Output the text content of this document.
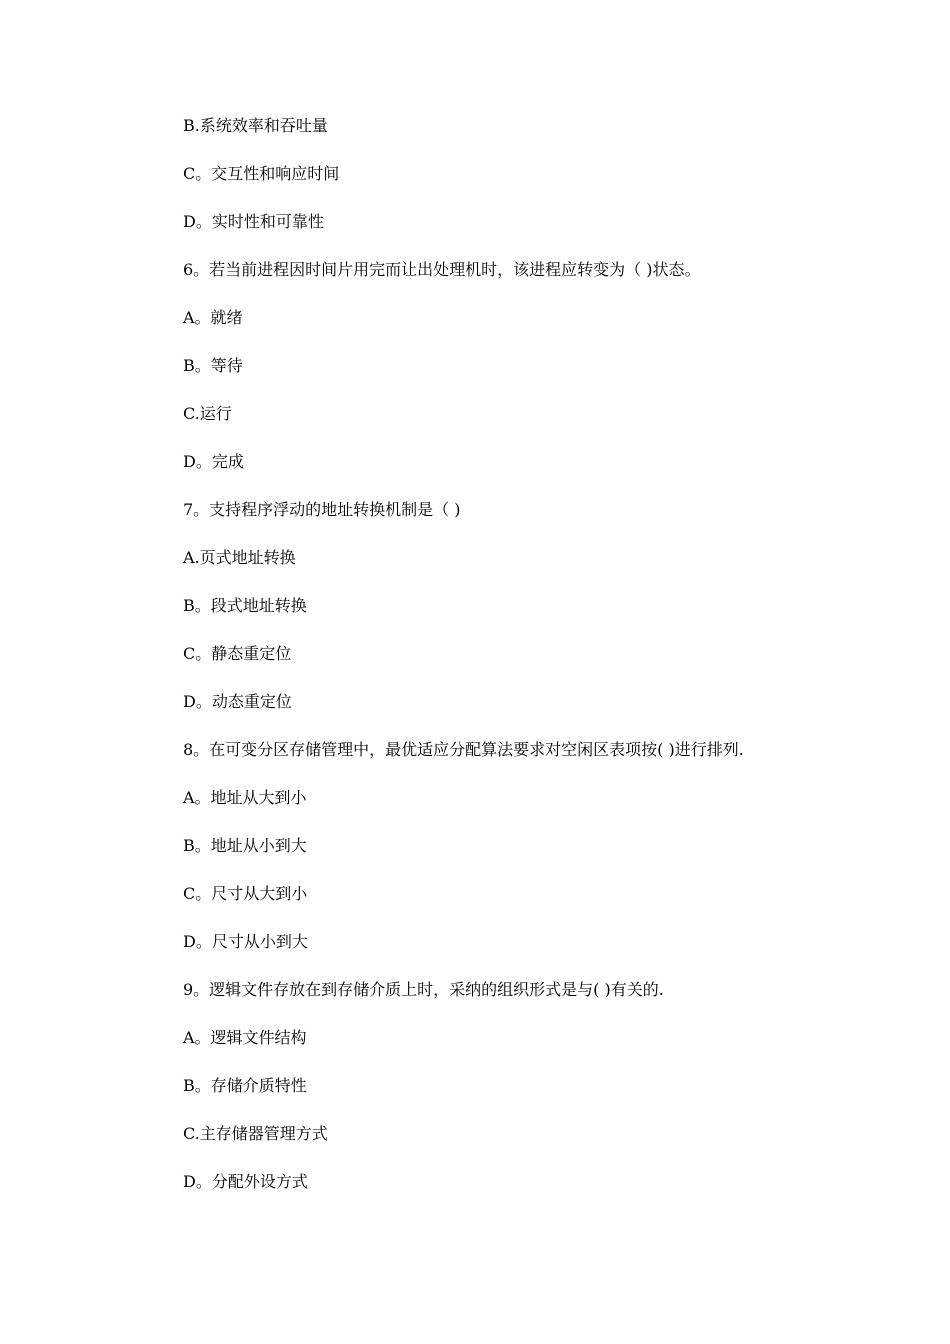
B.系统效率和吞吐量
C。交互性和响应时间
D。实时性和可靠性
6。若当前进程因时间片用完而让出处理机时，该进程应转变为（ )状态。
A。就绪
B。等待
C.运行
D。完成
7。支持程序浮动的地址转换机制是（ )
A.页式地址转换
B。段式地址转换
C。静态重定位
D。动态重定位
8。在可变分区存储管理中，最优适应分配算法要求对空闲区表项按( )进行排列.
A。地址从大到小
B。地址从小到大
C。尺寸从大到小
D。尺寸从小到大
9。逻辑文件存放在到存储介质上时，采纳的组织形式是与( )有关的.
A。逻辑文件结构
B。存储介质特性
C.主存储器管理方式
D。分配外设方式
